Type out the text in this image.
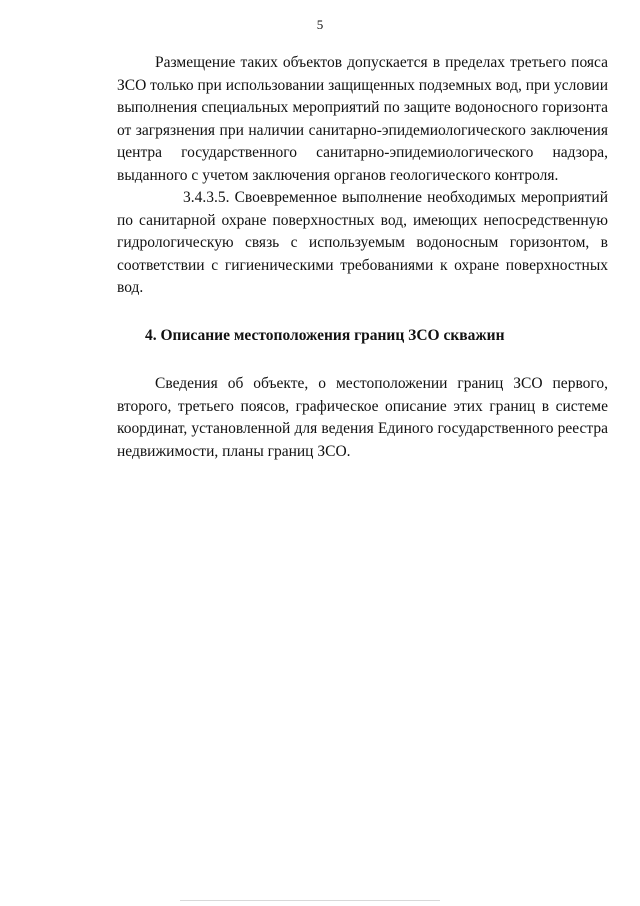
5

Размещение таких объектов допускается в пределах третьего пояса ЗСО только при использовании защищенных подземных вод, при условии выполнения специальных мероприятий по защите водоносного горизонта от загрязнения при наличии санитарно-эпидемиологического заключения центра государственного санитарно-эпидемиологического надзора, выданного с учетом заключения органов геологического контроля.

3.4.3.5. Своевременное выполнение необходимых мероприятий по санитарной охране поверхностных вод, имеющих непосредственную гидрологическую связь с используемым водоносным горизонтом, в соответствии с гигиеническими требованиями к охране поверхностных вод.

4. Описание местоположения границ ЗСО скважин

Сведения об объекте, о местоположении границ ЗСО первого, второго, третьего поясов, графическое описание этих границ в системе координат, установленной для ведения Единого государственного реестра недвижимости, планы границ ЗСО.
